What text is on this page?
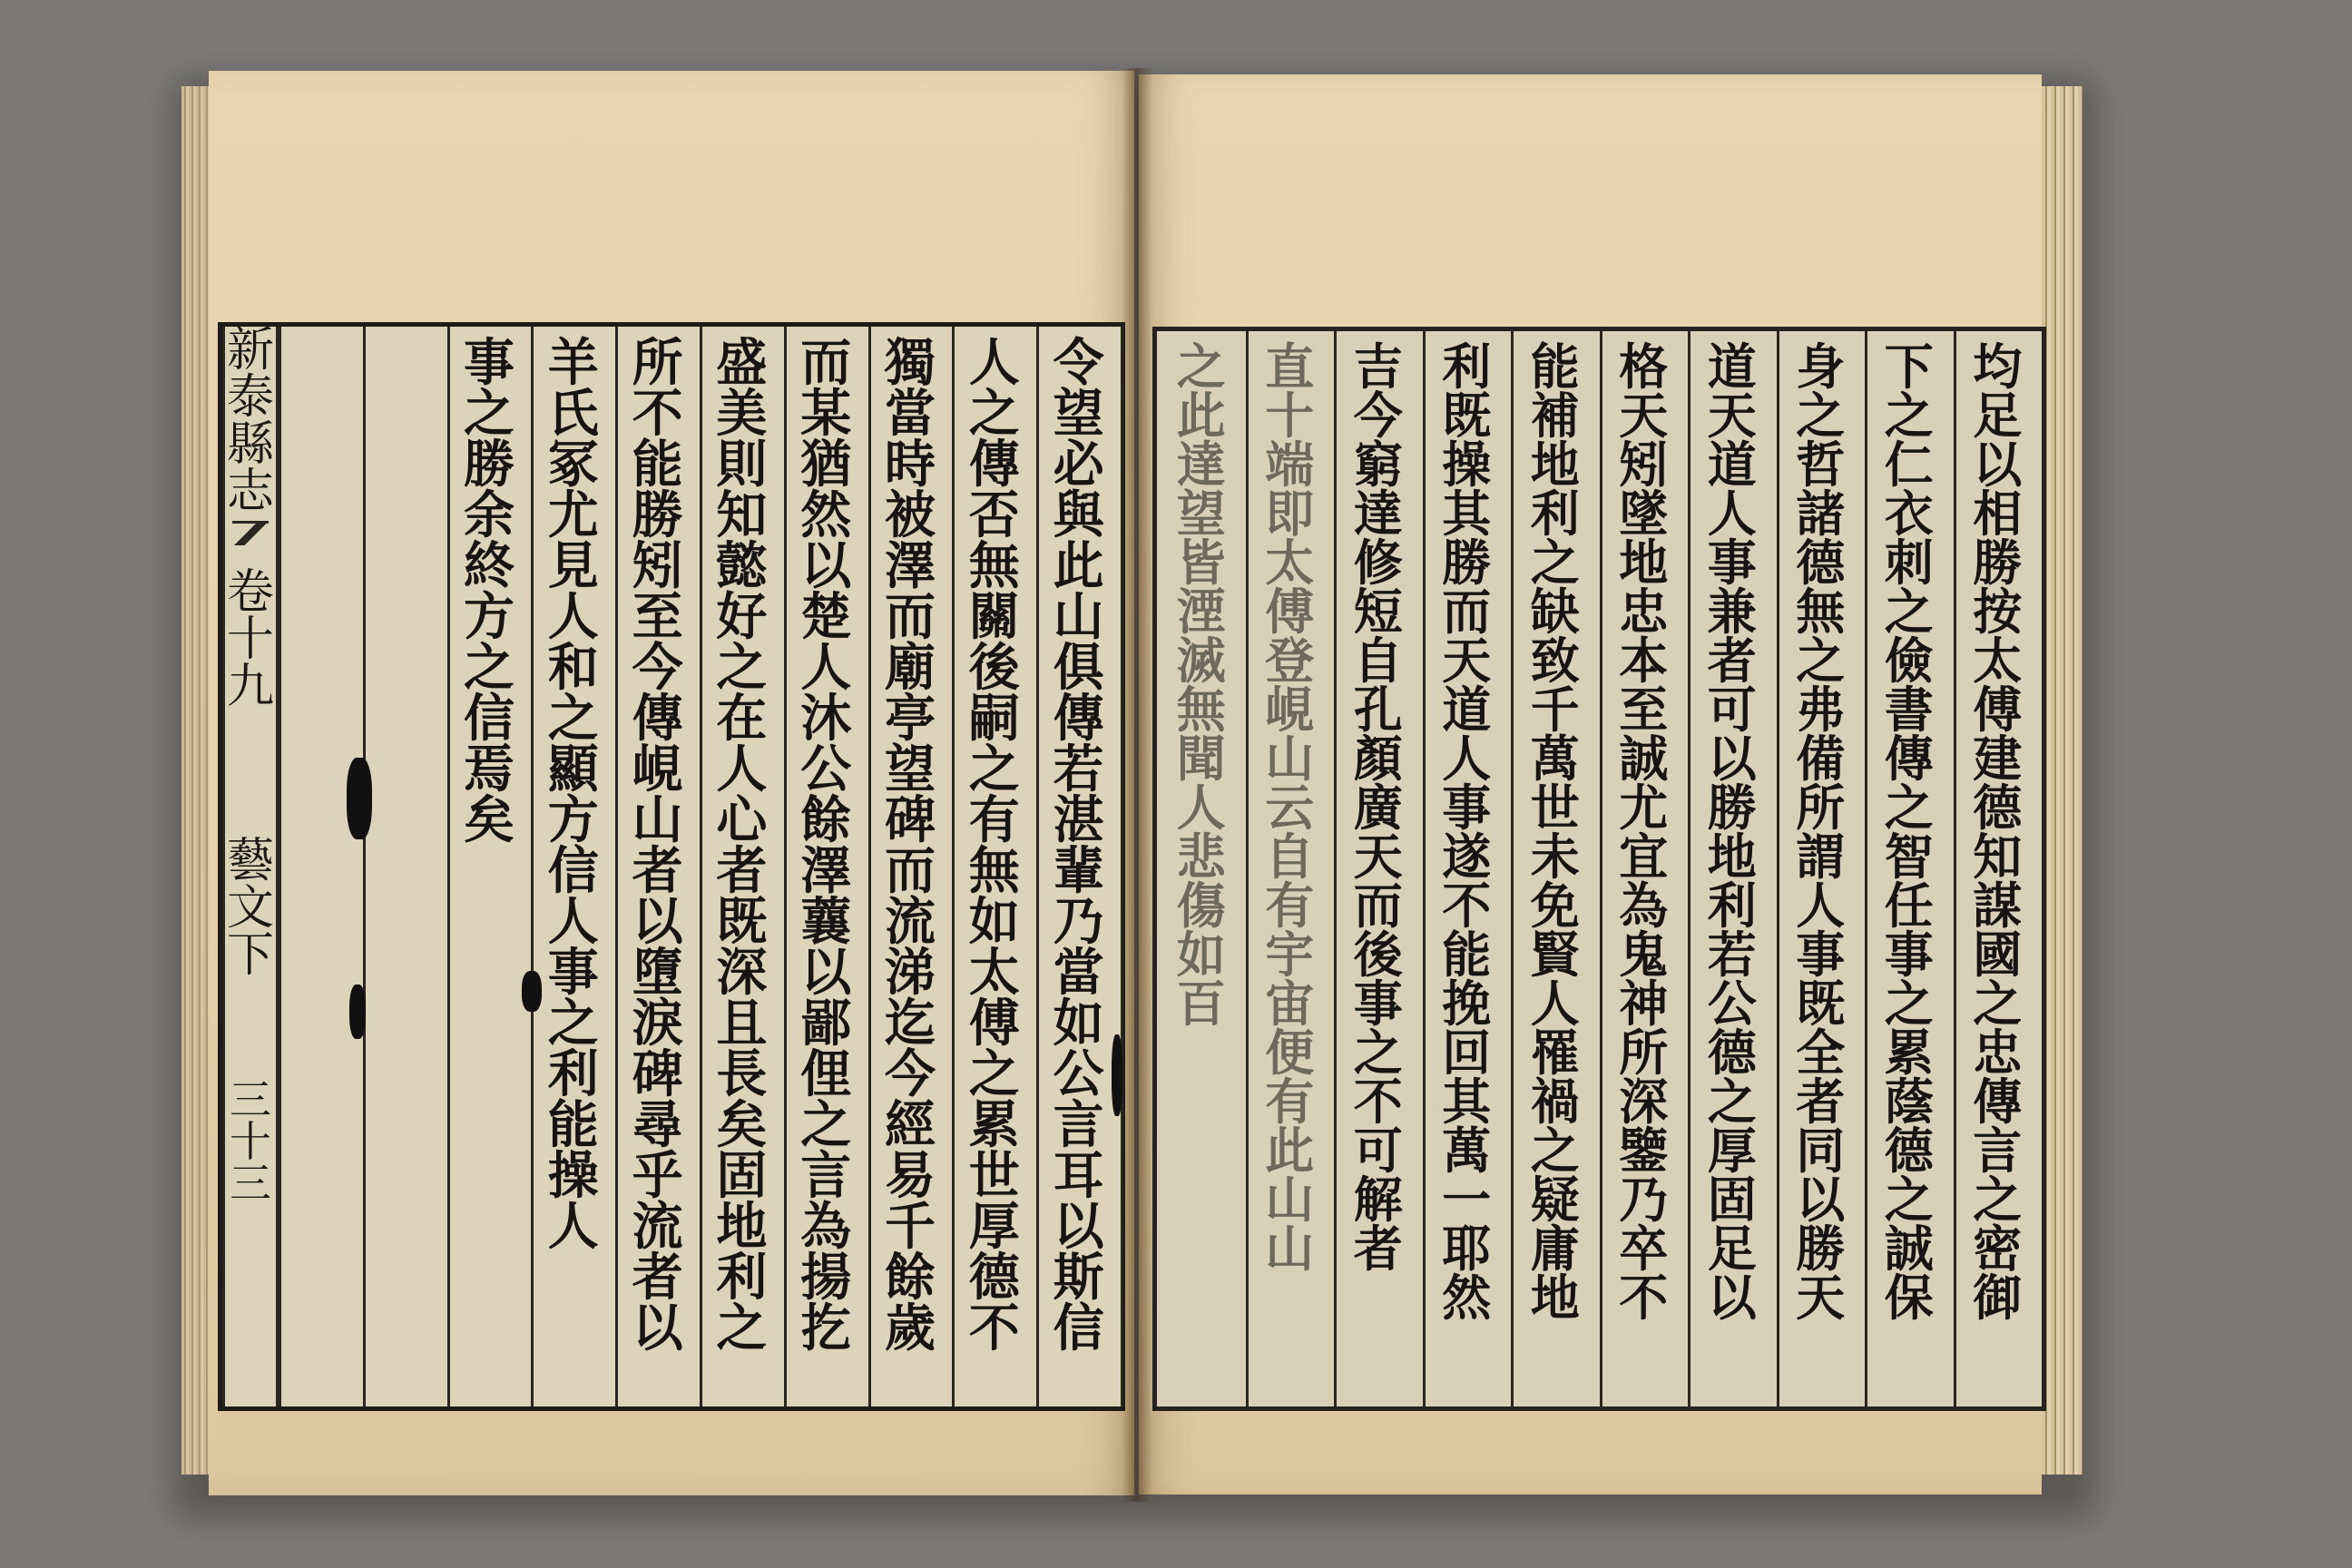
新
泰
縣
志
卷
十
九
藝
文
下
三
十
三
令
望
必
與
此
山
俱
傳
若
湛
輩
乃
當
如
公
言
耳
以
斯
信
人
之
傳
否
無
關
後
嗣
之
有
無
如
太
傅
之
累
世
厚
德
不
獨
當
時
被
澤
而
廟
亭
望
碑
而
流
涕
迄
今
經
易
千
餘
歲
而
某
猶
然
以
楚
人
沐
公
餘
澤
蘘
以
鄙
俚
之
言
為
揚
扢
盛
美
則
知
懿
好
之
在
人
心
者
既
深
且
長
矣
固
地
利
之
所
不
能
勝
矧
至
今
傳
峴
山
者
以
墮
淚
碑
尋
乎
流
者
以
羊
氏
冢
尤
見
人
和
之
顯
方
信
人
事
之
利
能
操
人
事
之
勝
余
終
方
之
信
焉
矣
均
足
以
相
勝
按
太
傅
建
德
知
謀
國
之
忠
傳
言
之
密
御
下
之
仁
衣
刺
之
儉
書
傳
之
智
任
事
之
累
蔭
德
之
誠
保
身
之
哲
諸
德
無
之
弗
備
所
謂
人
事
既
全
者
同
以
勝
天
道
天
道
人
事
兼
者
可
以
勝
地
利
若
公
德
之
厚
固
足
以
格
天
矧
墜
地
忠
本
至
誠
尤
宜
為
鬼
神
所
深
鑒
乃
卒
不
能
補
地
利
之
缺
致
千
萬
世
未
免
賢
人
罹
禍
之
疑
庸
地
利
既
操
其
勝
而
天
道
人
事
遂
不
能
挽
回
其
萬
一
耶
然
吉
今
窮
達
修
短
自
孔
顏
廣
天
而
後
事
之
不
可
解
者
直
十
端
即
太
傅
登
峴
山
云
自
有
宇
宙
便
有
此
山
山
之
此
達
望
皆
湮
滅
無
聞
人
悲
傷
如
百
